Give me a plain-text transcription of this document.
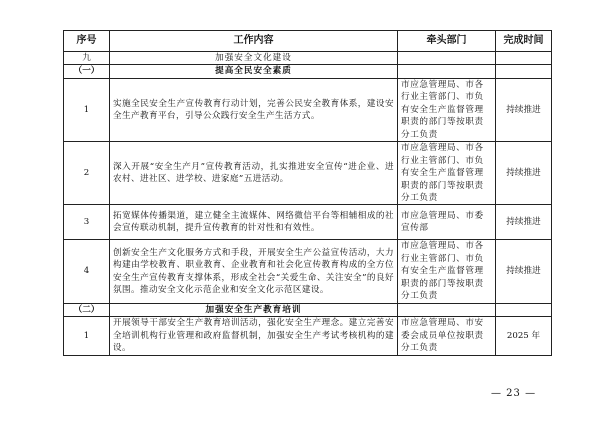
序号	工作内容	牵头部门	完成时间
九	加强安全文化建设		
（一）	提高全民安全素质		
1	实施全民安全生产宣传教育行动计划，完善公民安全教育体系，建设安全生产教育平台，引导公众践行安全生产生活方式。	市应急管理局、市各行业主管部门、市负有安全生产监督管理职责的部门等按职责分工负责	持续推进
2	深入开展“安全生产月”宣传教育活动，扎实推进安全宣传“进企业、进农村、进社区、进学校、进家庭”五进活动。	市应急管理局、市各行业主管部门、市负有安全生产监督管理职责的部门等按职责分工负责	持续推进
3	拓宽媒体传播渠道，建立健全主流媒体、网络微信平台等相辅相成的社会宣传联动机制，提升宣传教育的针对性和有效性。	市应急管理局、市委宣传部	持续推进
4	创新安全生产文化服务方式和手段，开展安全生产公益宣传活动，大力构建由学校教育、职业教育、企业教育和社会化宣传教育构成的全方位安全生产宣传教育支撑体系，形成全社会“关爱生命、关注安全”的良好氛围。推动安全文化示范企业和安全文化示范区建设。	市应急管理局、市各行业主管部门、市负有安全生产监督管理职责的部门等按职责分工负责	持续推进
（二）	加强安全生产教育培训		
1	开展领导干部安全生产教育培训活动，强化安全生产理念。建立完善安全培训机构行业管理和政府监督机制，加强安全生产考试考核机构的建设。	市应急管理局、市安委会成员单位按职责分工负责	2025 年
— 23 —
